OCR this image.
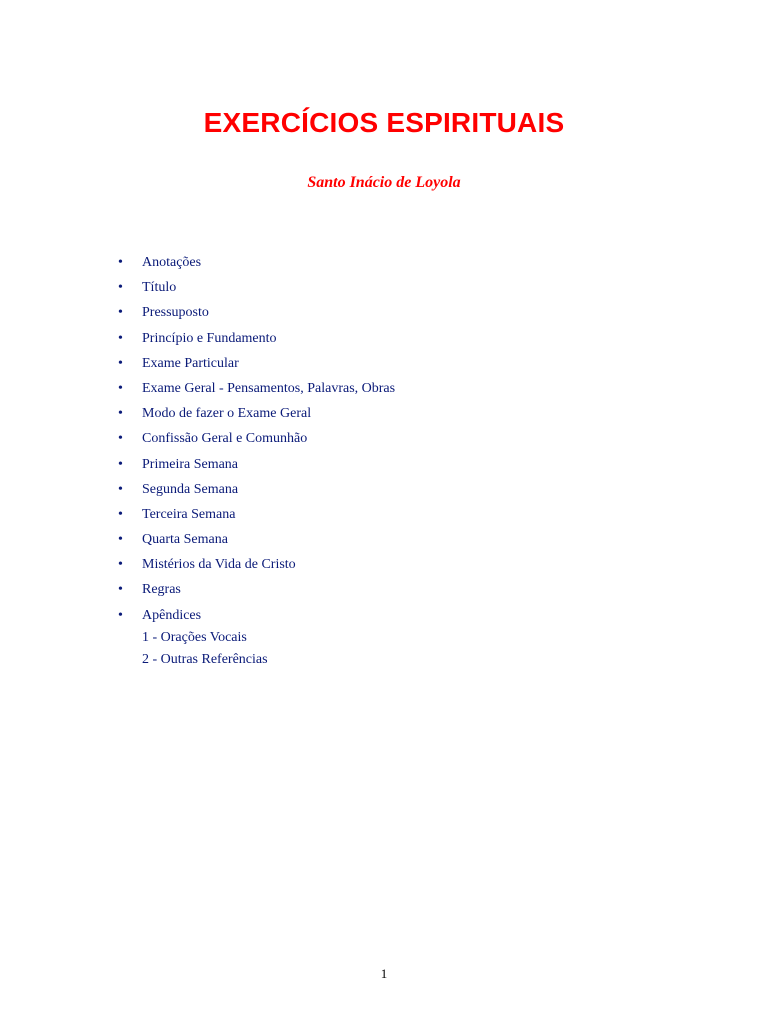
EXERCÍCIOS ESPIRITUAIS
Santo Inácio de Loyola
• Anotações
• Título
• Pressuposto
• Princípio e Fundamento
• Exame Particular
• Exame Geral - Pensamentos, Palavras, Obras
• Modo de fazer o Exame Geral
• Confissão Geral e Comunhão
• Primeira Semana
• Segunda Semana
• Terceira Semana
• Quarta Semana
• Mistérios da Vida de Cristo
• Regras
• Apêndices
1 - Orações Vocais
2 - Outras Referências
1
